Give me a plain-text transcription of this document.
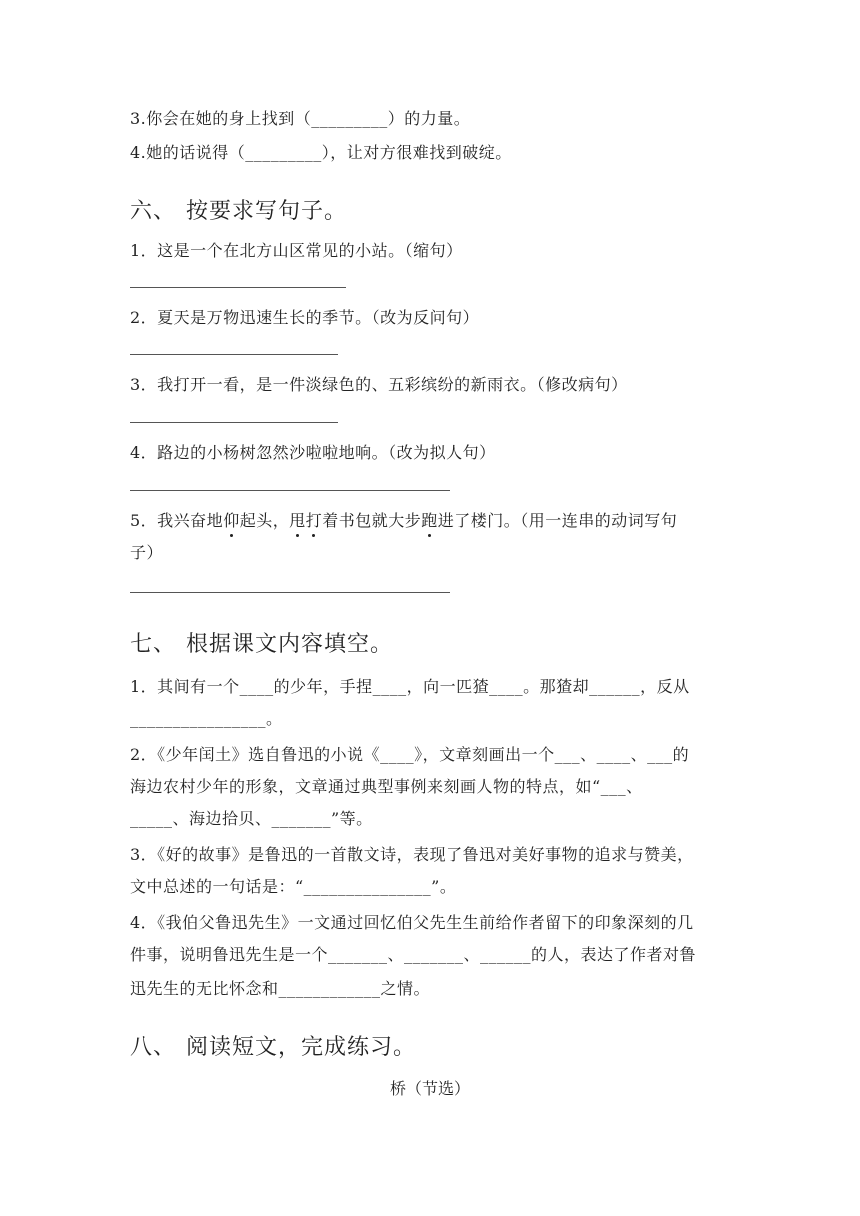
3.你会在她的身上找到（_________）的力量。
4.她的话说得（_________），让对方很难找到破绽。
六、 按要求写句子。
1．这是一个在北方山区常见的小站。（缩句）
2．夏天是万物迅速生长的季节。（改为反问句）
3．我打开一看，是一件淡绿色的、五彩缤纷的新雨衣。（修改病句）
4．路边的小杨树忽然沙啦啦地响。（改为拟人句）
5．我兴奋地仰起头，甩打着书包就大步跑进了楼门。（用一连串的动词写句
子）
七、 根据课文内容填空。
1．其间有一个____的少年，手捏____，向一匹猹____。那猹却______，反从
________________。
2．《少年闰土》选自鲁迅的小说《____》，文章刻画出一个___、____、___的
海边农村少年的形象，文章通过典型事例来刻画人物的特点，如“___、
_____、海边拾贝、_______”等。
3．《好的故事》是鲁迅的一首散文诗，表现了鲁迅对美好事物的追求与赞美，
文中总述的一句话是：“_______________”。
4．《我伯父鲁迅先生》一文通过回忆伯父先生生前给作者留下的印象深刻的几
件事，说明鲁迅先生是一个_______、_______、______的人，表达了作者对鲁
迅先生的无比怀念和____________之情。
八、 阅读短文，完成练习。
桥（节选）
